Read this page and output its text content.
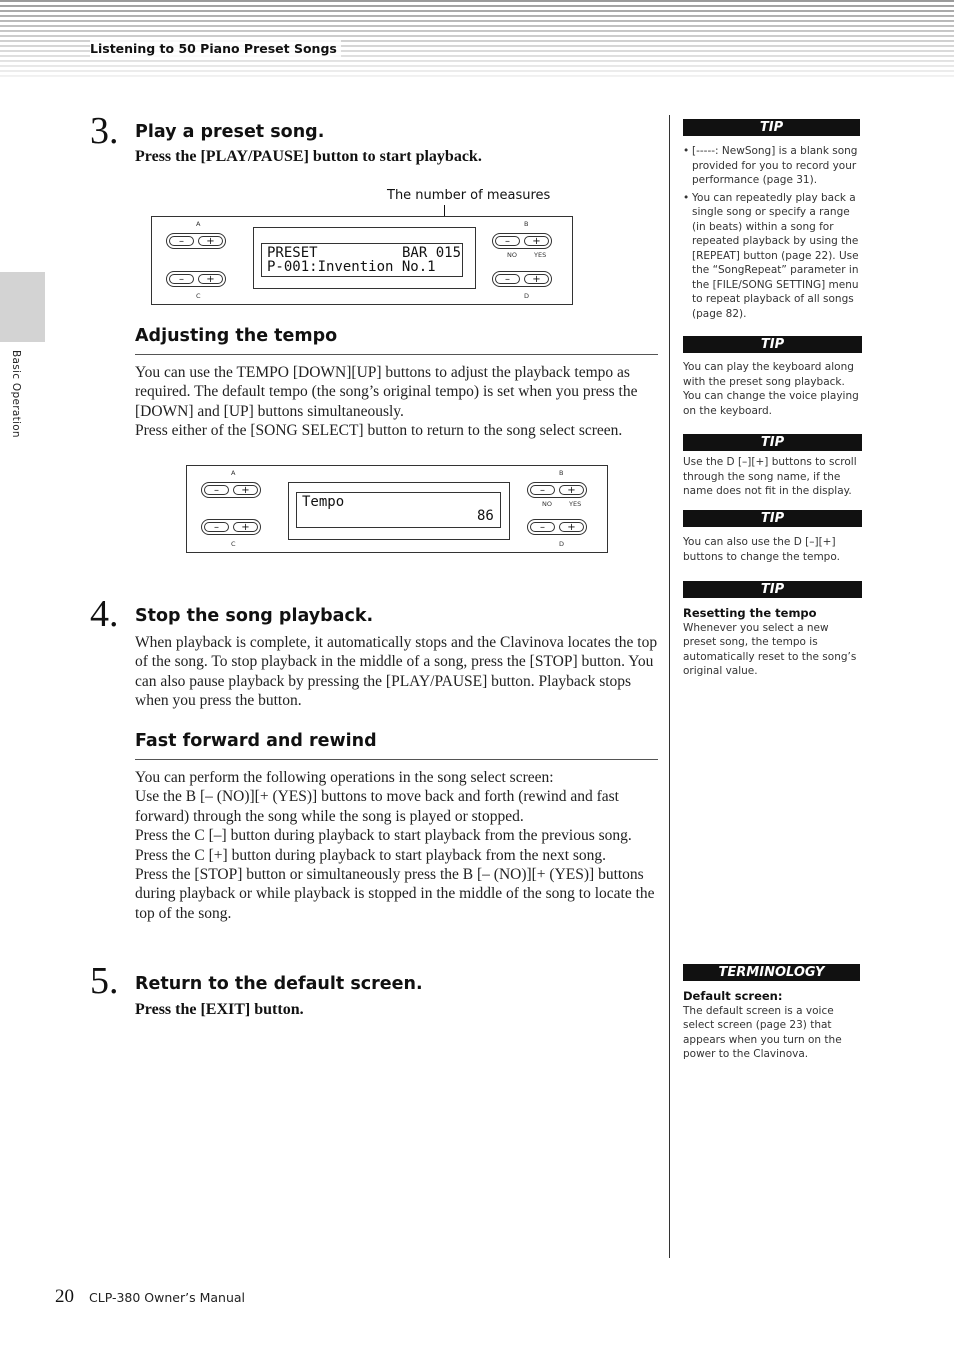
Listening to 50 Piano Preset Songs
Basic Operation
3. Play a preset song.
Press the [PLAY/PAUSE] button to start playback.
The number of measures
A
–	+
–	+
C
PRESET	BAR 015
P-001:Invention No.1
B
–	+
NO	YES
–	+
D
Adjusting the tempo

You can use the TEMPO [DOWN][UP] buttons to adjust the playback tempo as required. The default tempo (the song’s original tempo) is set when you press the [DOWN] and [UP] buttons simultaneously.

Press either of the [SONG SELECT] button to return to the song select screen.

A
–	+
–	+
C
Tempo
86
B
–	+
NO	YES
–	+
D
4. Stop the song playback.
When playback is complete, it automatically stops and the Clavinova locates the top of the song. To stop playback in the middle of a song, press the [STOP] button. You can also pause playback by pressing the [PLAY/PAUSE] button. Playback stops when you press the button.
Fast forward and rewind

You can perform the following operations in the song select screen:

Use the B [– (NO)][+ (YES)] buttons to move back and forth (rewind and fast forward) through the song while the song is played or stopped.

Press the C [–] button during playback to start playback from the previous song.

Press the C [+] button during playback to start playback from the next song.

Press the [STOP] button or simultaneously press the B [– (NO)][+ (YES)] buttons during playback or while playback is stopped in the middle of the song to locate the top of the song.

5. Return to the default screen.
Press the [EXIT] button.
TIP
• [-----: NewSong] is a blank song provided for you to record your performance (page 31).
• You can repeatedly play back a single song or specify a range (in beats) within a song for repeated playback by using the [REPEAT] button (page 22). Use the “SongRepeat” parameter in the [FILE/SONG SETTING] menu to repeat playback of all songs (page 82).
TIP
You can play the keyboard along with the preset song playback. You can change the voice playing on the keyboard.
TIP
Use the D [–][+] buttons to scroll through the song name, if the name does not fit in the display.
TIP
You can also use the D [–][+] buttons to change the tempo.
TIP

Resetting the tempo

Whenever you select a new preset song, the tempo is automatically reset to the song’s original value.

TERMINOLOGY

Default screen:

The default screen is a voice select screen (page 23) that appears when you turn on the power to the Clavinova.

20 CLP-380 Owner’s Manual
